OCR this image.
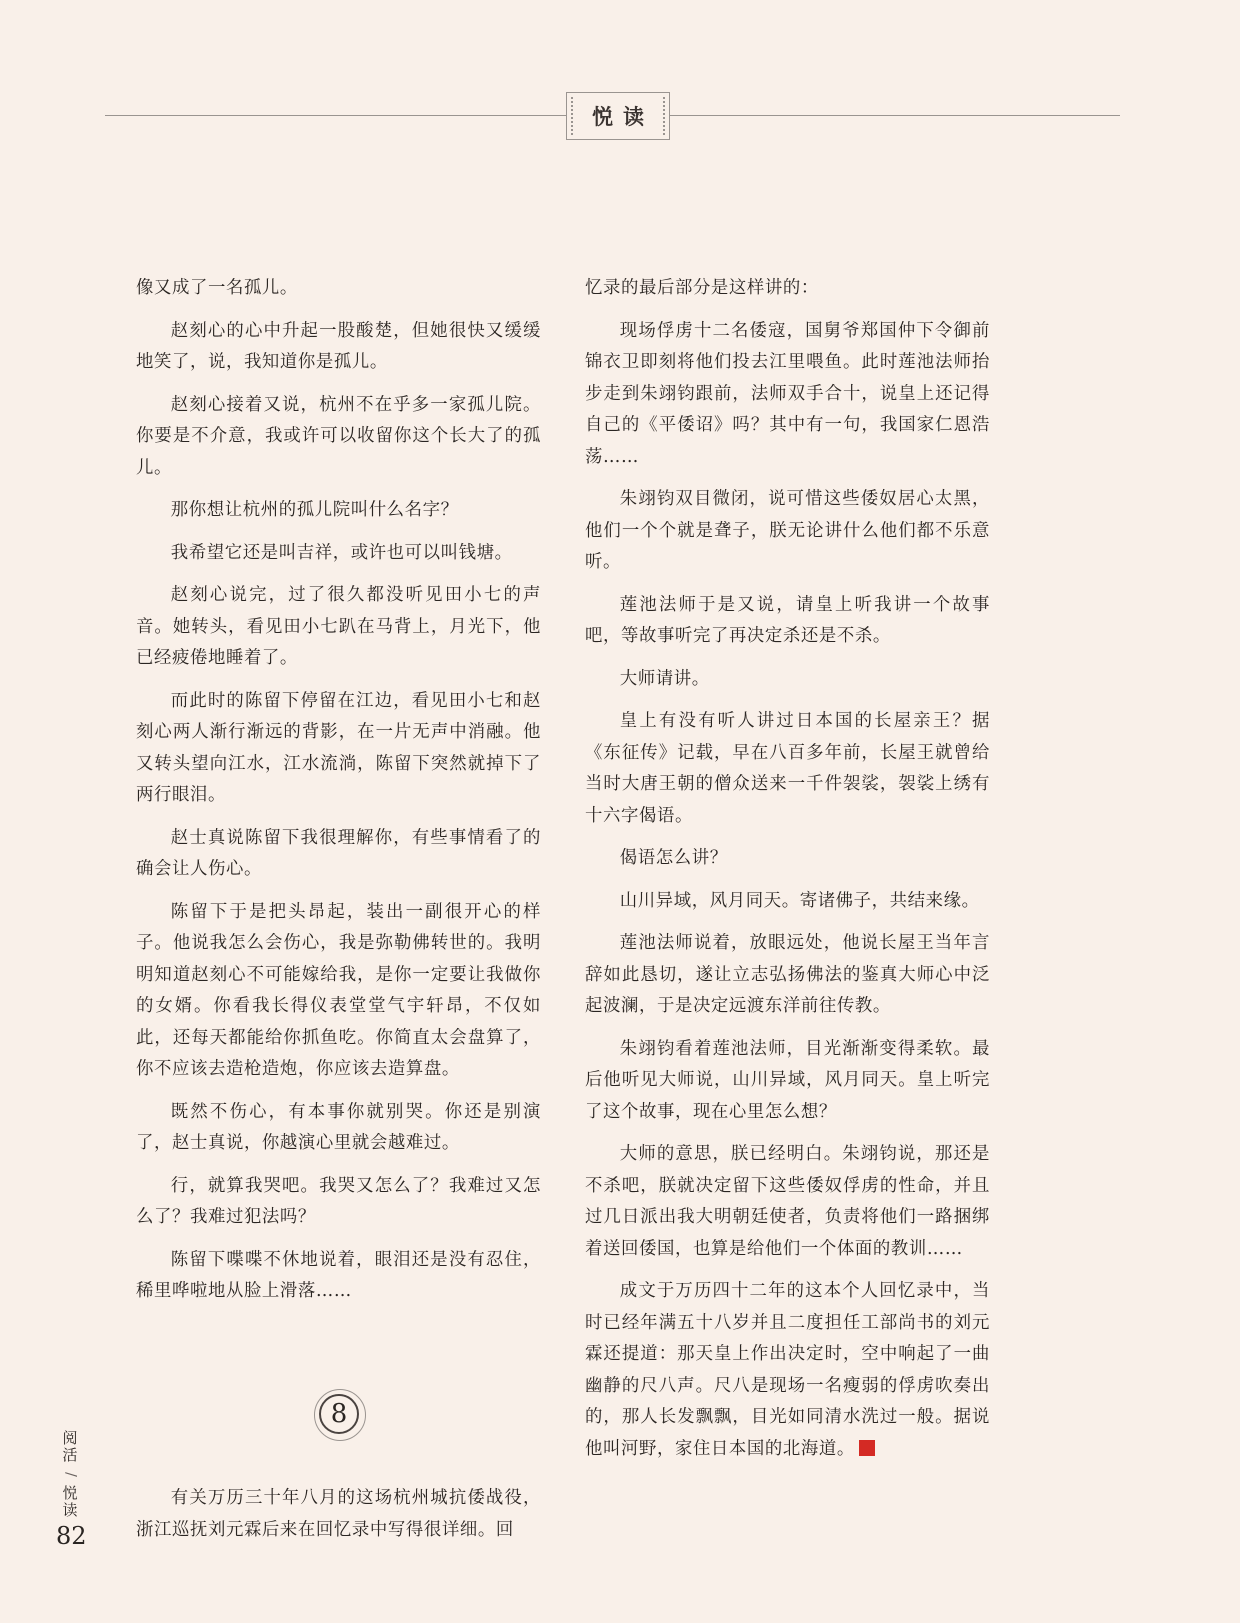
悦读

像又成了一名孤儿。

赵刻心的心中升起一股酸楚，但她很快又缓缓地笑了，说，我知道你是孤儿。

赵刻心接着又说，杭州不在乎多一家孤儿院。你要是不介意，我或许可以收留你这个长大了的孤儿。

那你想让杭州的孤儿院叫什么名字？

我希望它还是叫吉祥，或许也可以叫钱塘。

赵刻心说完，过了很久都没听见田小七的声音。她转头，看见田小七趴在马背上，月光下，他已经疲倦地睡着了。

而此时的陈留下停留在江边，看见田小七和赵刻心两人渐行渐远的背影，在一片无声中消融。他又转头望向江水，江水流淌，陈留下突然就掉下了两行眼泪。

赵士真说陈留下我很理解你，有些事情看了的确会让人伤心。

陈留下于是把头昂起，装出一副很开心的样子。他说我怎么会伤心，我是弥勒佛转世的。我明明知道赵刻心不可能嫁给我，是你一定要让我做你的女婿。你看我长得仪表堂堂气宇轩昂，不仅如此，还每天都能给你抓鱼吃。你简直太会盘算了，你不应该去造枪造炮，你应该去造算盘。

既然不伤心，有本事你就别哭。你还是别演了，赵士真说，你越演心里就会越难过。

行，就算我哭吧。我哭又怎么了？我难过又怎么了？我难过犯法吗？

陈留下喋喋不休地说着，眼泪还是没有忍住，稀里哗啦地从脸上滑落……

8

有关万历三十年八月的这场杭州城抗倭战役，浙江巡抚刘元霖后来在回忆录中写得很详细。回

忆录的最后部分是这样讲的：

现场俘虏十二名倭寇，国舅爷郑国仲下令御前锦衣卫即刻将他们投去江里喂鱼。此时莲池法师抬步走到朱翊钧跟前，法师双手合十，说皇上还记得自己的《平倭诏》吗？其中有一句，我国家仁恩浩荡……

朱翊钧双目微闭，说可惜这些倭奴居心太黑，他们一个个就是聋子，朕无论讲什么他们都不乐意听。

莲池法师于是又说，请皇上听我讲一个故事吧，等故事听完了再决定杀还是不杀。

大师请讲。

皇上有没有听人讲过日本国的长屋亲王？据《东征传》记载，早在八百多年前，长屋王就曾给当时大唐王朝的僧众送来一千件袈裟，袈裟上绣有十六字偈语。

偈语怎么讲？

山川异域，风月同天。寄诸佛子，共结来缘。

莲池法师说着，放眼远处，他说长屋王当年言辞如此恳切，遂让立志弘扬佛法的鉴真大师心中泛起波澜，于是决定远渡东洋前往传教。

朱翊钧看着莲池法师，目光渐渐变得柔软。最后他听见大师说，山川异域，风月同天。皇上听完了这个故事，现在心里怎么想？

大师的意思，朕已经明白。朱翊钧说，那还是不杀吧，朕就决定留下这些倭奴俘虏的性命，并且过几日派出我大明朝廷使者，负责将他们一路捆绑着送回倭国，也算是给他们一个体面的教训……

成文于万历四十二年的这本个人回忆录中，当时已经年满五十八岁并且二度担任工部尚书的刘元霖还提道：那天皇上作出决定时，空中响起了一曲幽静的尺八声。尺八是现场一名瘦弱的俘虏吹奏出的，那人长发飘飘，目光如同清水洗过一般。据说他叫河野，家住日本国的北海道。

阅活
/
悦读
82
